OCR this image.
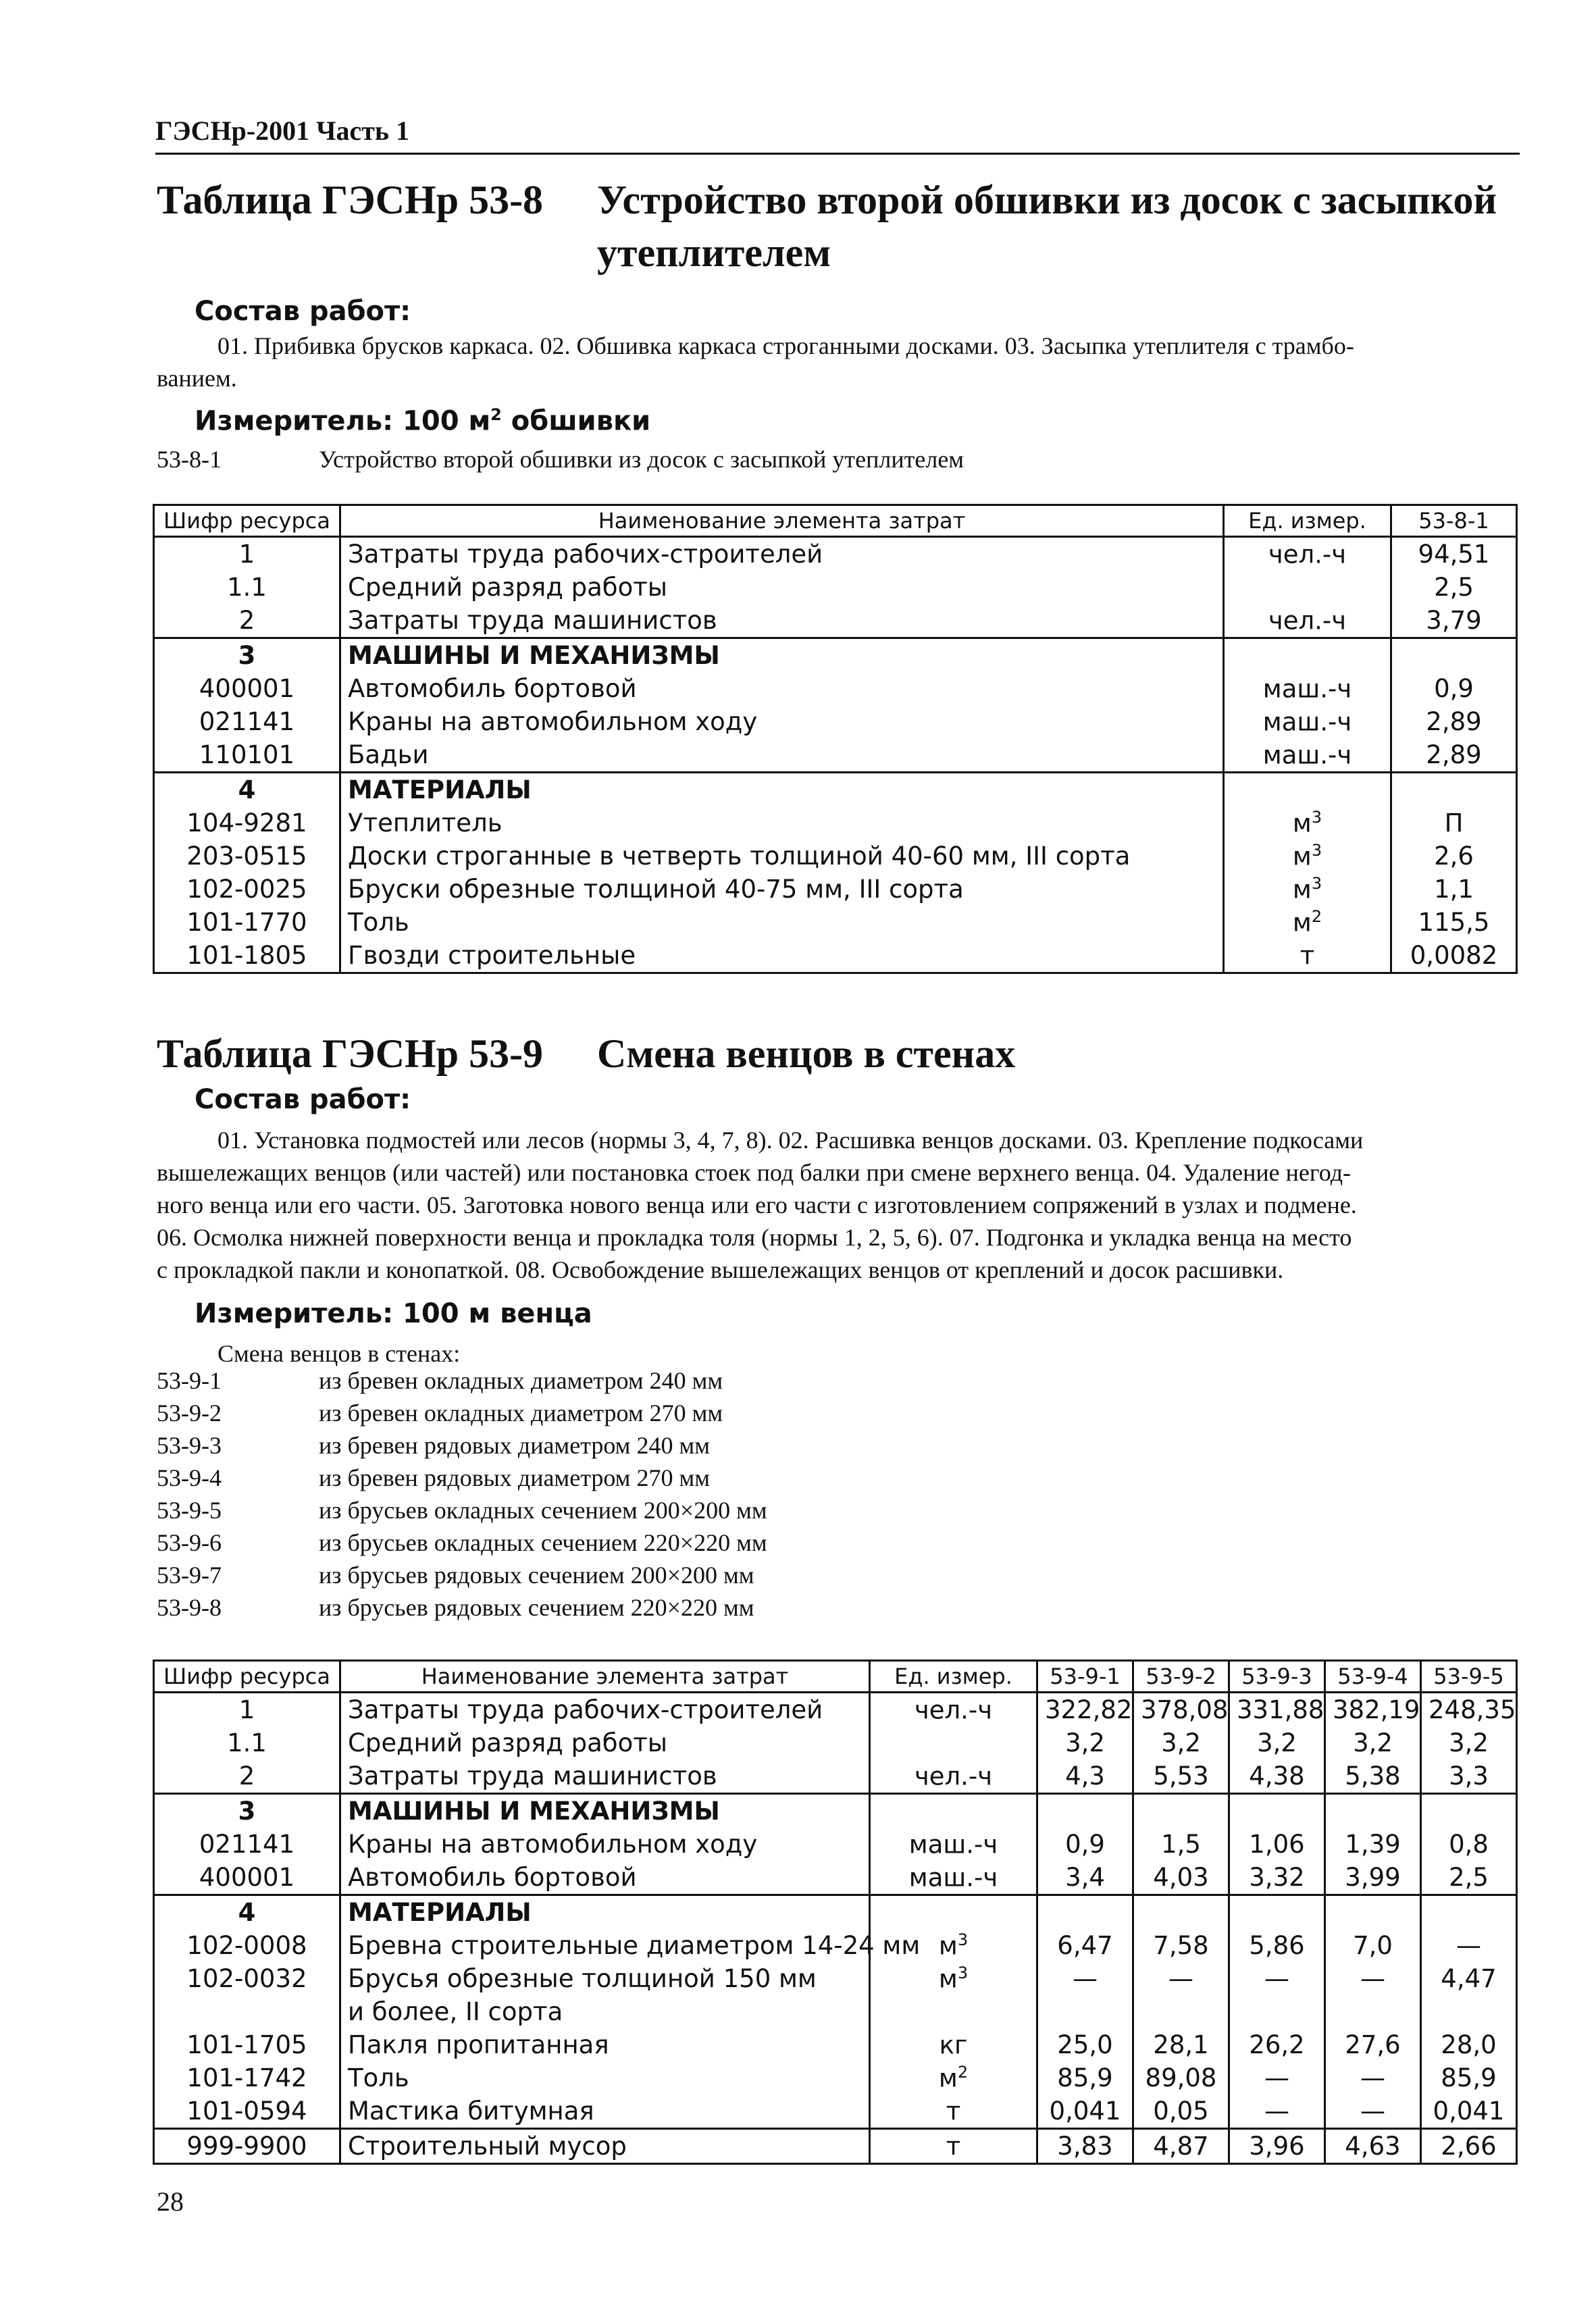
ГЭСНр-2001 Часть 1
Таблица ГЭСНр 53-8 Устройство второй обшивки из досок с засыпкой
утеплителем
Состав работ:
01. Прибивка брусков каркаса. 02. Обшивка каркаса строганными досками. 03. Засыпка утеплителя с трамбо-
ванием.
Измеритель: 100 $м^2$ обшивки
53-8-1	Устройство второй обшивки из досок с засыпкой утеплителем
Шифр ресурса	Наименование элемента затрат	Ед. измер.	53-8-1
1	Затраты труда рабочих-строителей	чел.-ч	94,51
1.1	Средний разряд работы		2,5
2	Затраты труда машинистов	чел.-ч	3,79
3	МАШИНЫ И МЕХАНИЗМЫ		
400001	Автомобиль бортовой	маш.-ч	0,9
021141	Краны на автомобильном ходу	маш.-ч	2,89
110101	Бадьи	маш.-ч	2,89
4	МАТЕРИАЛЫ		
104-9281	Утеплитель	$м^3$	П
203-0515	Доски строганные в четверть толщиной 40-60 мм, III сорта	$м^3$	2,6
102-0025	Бруски обрезные толщиной 40-75 мм, III сорта	$м^3$	1,1
101-1770	Толь	$м^2$	115,5
101-1805	Гвозди строительные	т	0,0082
Таблица ГЭСНр 53-9 Смена венцов в стенах
Состав работ:
01. Установка подмостей или лесов (нормы 3, 4, 7, 8). 02. Расшивка венцов досками. 03. Крепление подкосами
вышележащих венцов (или частей) или постановка стоек под балки при смене верхнего венца. 04. Удаление негод-
ного венца или его части. 05. Заготовка нового венца или его части с изготовлением сопряжений в узлах и подмене.
06. Осмолка нижней поверхности венца и прокладка толя (нормы 1, 2, 5, 6). 07. Подгонка и укладка венца на место
с прокладкой пакли и конопаткой. 08. Освобождение вышележащих венцов от креплений и досок расшивки.
Измеритель: 100 м венца
Смена венцов в стенах:
53-9-1	из бревен окладных диаметром 240 мм
53-9-2	из бревен окладных диаметром 270 мм
53-9-3	из бревен рядовых диаметром 240 мм
53-9-4	из бревен рядовых диаметром 270 мм
53-9-5	из брусьев окладных сечением 200×200 мм
53-9-6	из брусьев окладных сечением 220×220 мм
53-9-7	из брусьев рядовых сечением 200×200 мм
53-9-8	из брусьев рядовых сечением 220×220 мм
Шифр ресурса	Наименование элемента затрат	Ед. измер.	53-9-1	53-9-2	53-9-3	53-9-4	53-9-5
1	Затраты труда рабочих-строителей	чел.-ч	322,82	378,08	331,88	382,19	248,35
1.1	Средний разряд работы		3,2	3,2	3,2	3,2	3,2
2	Затраты труда машинистов	чел.-ч	4,3	5,53	4,38	5,38	3,3
3	МАШИНЫ И МЕХАНИЗМЫ						
021141	Краны на автомобильном ходу	маш.-ч	0,9	1,5	1,06	1,39	0,8
400001	Автомобиль бортовой	маш.-ч	3,4	4,03	3,32	3,99	2,5
4	МАТЕРИАЛЫ						
102-0008	Бревна строительные диаметром 14-24 мм	$м^3$	6,47	7,58	5,86	7,0	—
102-0032	Брусья обрезные толщиной 150 мм	$м^3$	—	—	—	—	4,47
	и более, II сорта						
101-1705	Пакля пропитанная	кг	25,0	28,1	26,2	27,6	28,0
101-1742	Толь	$м^2$	85,9	89,08	—	—	85,9
101-0594	Мастика битумная	т	0,041	0,05	—	—	0,041
999-9900	Строительный мусор	т	3,83	4,87	3,96	4,63	2,66
28
